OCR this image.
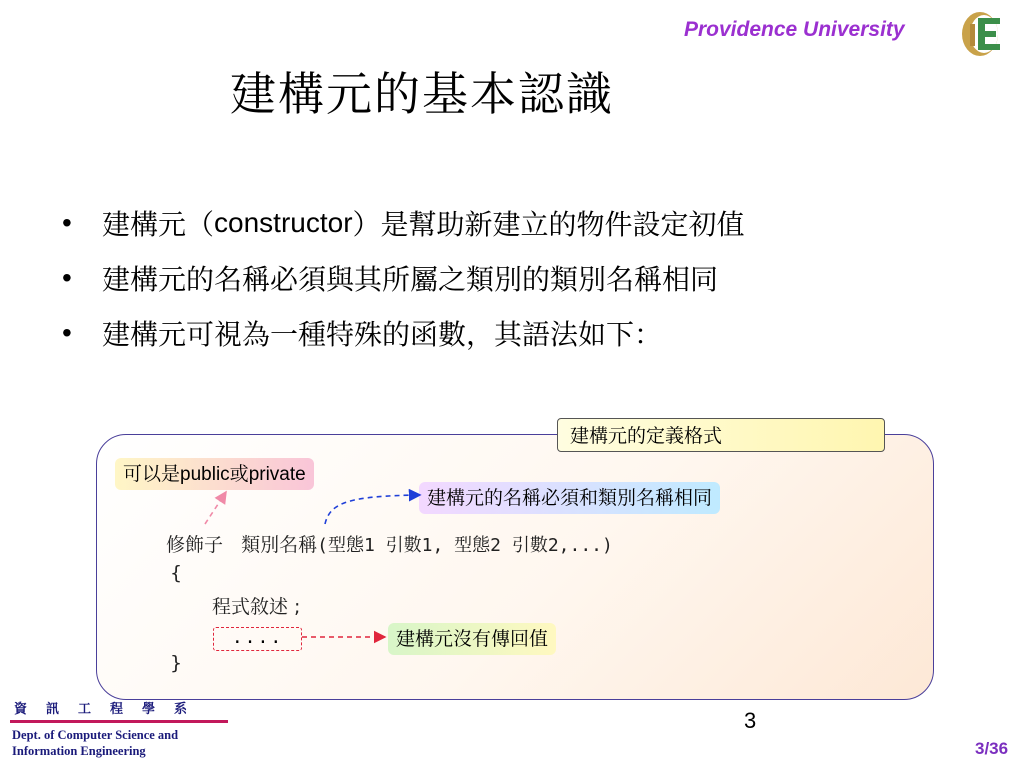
Providence University
建構元的基本認識
•	建構元（ constructor ）是幫助新建立的物件設定初值
•	建構元的名稱必須與其所屬之類別的類別名稱相同
•	建構元可視為一種特殊的函數，其語法如下：
建構元的定義格式
可以是public或private
建構元的名稱必須和類別名稱相同
建構元沒有傳回值
修飾子   類別名稱(型態1 引數1, 型態2 引數2,...)
{
程式敘述 ;
....
}
資訊工程學系
Dept. of Computer Science and
Information Engineering
3
3/36
